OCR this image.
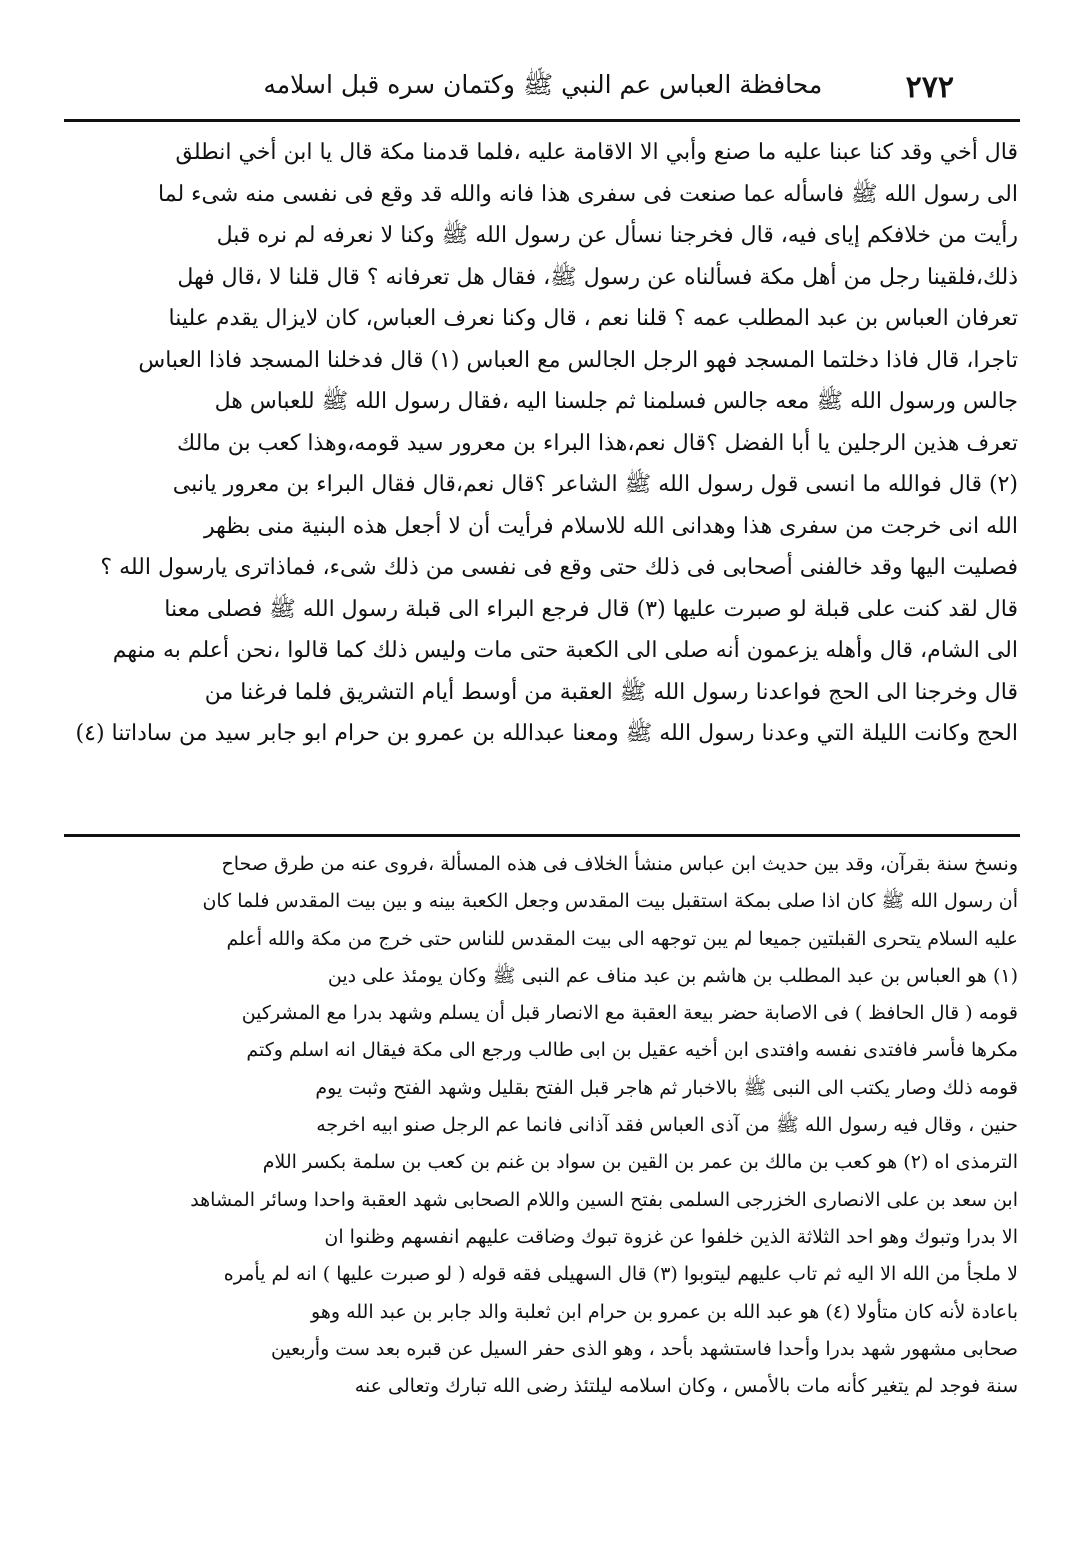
٢٧٢
محافظة العباس عم النبي ﷺ وكتمان سره قبل اسلامه
قال أخي وقد كنا عبنا عليه ما صنع وأبي الا الاقامة عليه ،فلما قدمنا مكة قال يا ابن أخي انطلق
الى رسول الله ﷺ فاسأله عما صنعت فى سفرى هذا فانه والله قد وقع فى نفسى منه شىء لما
رأيت من خلافكم إياى فيه، قال فخرجنا نسأل عن رسول الله ﷺ وكنا لا نعرفه لم نره قبل
ذلك،فلقينا رجل من أهل مكة فسألناه عن رسول ﷺ، فقال هل تعرفانه ؟ قال قلنا لا ،قال فهل
تعرفان العباس بن عبد المطلب عمه ؟ قلنا نعم ، قال وكنا نعرف العباس، كان لايزال يقدم علينا
تاجرا، قال فاذا دخلتما المسجد فهو الرجل الجالس مع العباس (١) قال فدخلنا المسجد فاذا العباس
جالس ورسول الله ﷺ معه جالس فسلمنا ثم جلسنا اليه ،فقال رسول الله ﷺ للعباس هل
تعرف هذين الرجلين يا أبا الفضل ؟قال نعم،هذا البراء بن معرور سيد قومه،وهذا كعب بن مالك
(٢) قال فوالله ما انسى قول رسول الله ﷺ الشاعر ؟قال نعم،قال فقال البراء بن معرور يانبى
الله انى خرجت من سفرى هذا وهدانى الله للاسلام فرأيت أن لا أجعل هذه البنية منى بظهر
فصليت اليها وقد خالفنى أصحابى فى ذلك حتى وقع فى نفسى من ذلك شىء، فماذاترى يارسول الله ؟
قال لقد كنت على قبلة لو صبرت عليها (٣) قال فرجع البراء الى قبلة رسول الله ﷺ فصلى معنا
الى الشام، قال وأهله يزعمون أنه صلى الى الكعبة حتى مات وليس ذلك كما قالوا ،نحن أعلم به منهم
قال وخرجنا الى الحج فواعدنا رسول الله ﷺ العقبة من أوسط أيام التشريق فلما فرغنا من
الحج وكانت الليلة التي وعدنا رسول الله ﷺ ومعنا عبدالله بن عمرو بن حرام ابو جابر سيد من ساداتنا (٤)
ونسخ سنة بقرآن، وقد بين حديث ابن عباس منشأ الخلاف فى هذه المسألة ،فروى عنه من طرق صحاح
أن رسول الله ﷺ كان اذا صلى بمكة استقبل بيت المقدس وجعل الكعبة بينه و بين بيت المقدس فلما كان
عليه السلام يتحرى القبلتين جميعا لم يبن توجهه الى بيت المقدس للناس حتى خرج من مكة والله أعلم
(١) هو العباس بن عبد المطلب بن هاشم بن عبد مناف عم النبى ﷺ وكان يومئذ على دين
قومه ( قال الحافظ ) فى الاصابة حضر بيعة العقبة مع الانصار قبل أن يسلم وشهد بدرا مع المشركين
مكرها فأسر فافتدى نفسه وافتدى ابن أخيه عقيل بن ابى طالب ورجع الى مكة فيقال انه اسلم وكتم
قومه ذلك وصار يكتب الى النبى ﷺ بالاخبار ثم هاجر قبل الفتح بقليل وشهد الفتح وثبت يوم
حنين ، وقال فيه رسول الله ﷺ من آذى العباس فقد آذانى فانما عم الرجل صنو ابيه اخرجه
الترمذى اه (٢) هو كعب بن مالك بن عمر بن القين بن سواد بن غنم بن كعب بن سلمة بكسر اللام
ابن سعد بن على الانصارى الخزرجى السلمى بفتح السين واللام الصحابى شهد العقبة واحدا وسائر المشاهد
الا بدرا وتبوك وهو احد الثلاثة الذين خلفوا عن غزوة تبوك وضاقت عليهم انفسهم وظنوا ان
لا ملجأ من الله الا اليه ثم تاب عليهم ليتوبوا (٣) قال السهيلى فقه قوله ( لو صبرت عليها ) انه لم يأمره
باعادة لأنه كان متأولا (٤) هو عبد الله بن عمرو بن حرام ابن ثعلبة والد جابر بن عبد الله وهو
صحابى مشهور شهد بدرا وأحدا فاستشهد بأحد ، وهو الذى حفر السيل عن قبره بعد ست وأربعين
سنة فوجد لم يتغير كأنه مات بالأمس ، وكان اسلامه ليلتئذ رضى الله تبارك وتعالى عنه
